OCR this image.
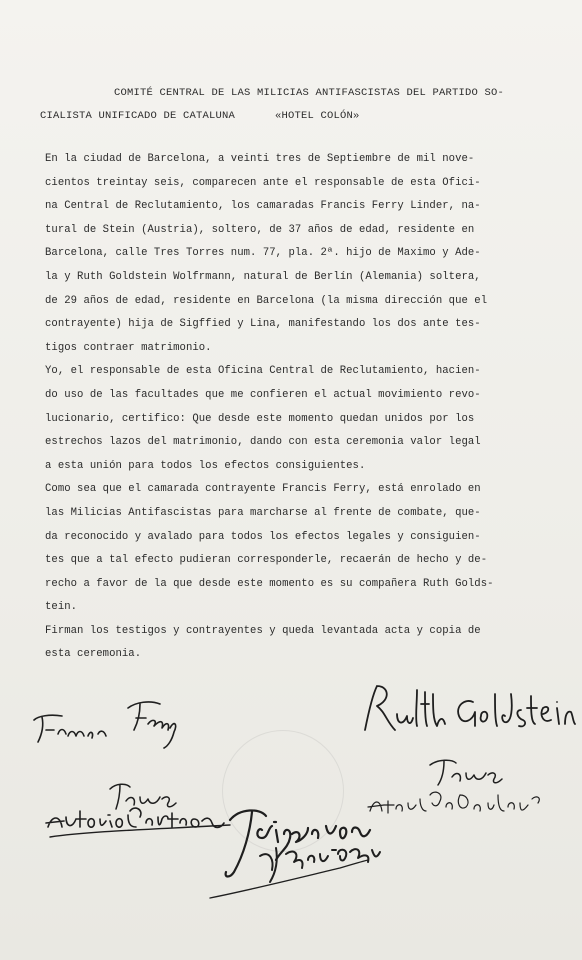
COMITÉ CENTRAL DE LAS MILICIAS ANTIFASCISTAS DEL PARTIDO SO-
CIALISTA UNIFICADO DE CATALUNA	«HOTEL COLÓN»
En la ciudad de Barcelona, a veinti tres de Septiembre de mil nove-
cientos treintay seis, comparecen ante el responsable de esta Ofici-
na Central de Reclutamiento, los camaradas Francis Ferry Linder, na-
tural de Stein (Austria), soltero, de 37 años de edad, residente en
Barcelona, calle Tres Torres num. 77, pla. 2ª. hijo de Maximo y Ade-
la y Ruth Goldstein Wolfrmann, natural de Berlín (Alemania) soltera,
de 29 años de edad, residente en Barcelona (la misma dirección que el
contrayente) hija de Sigffied y Lina, manifestando los dos ante tes-
tigos contraer matrimonio.
Yo, el responsable de esta Oficina Central de Reclutamiento, hacien-
do uso de las facultades que me confieren el actual movimiento revo-
lucionario, certifico: Que desde este momento quedan unidos por los
estrechos lazos del matrimonio, dando con esta ceremonia valor legal
a esta unión para todos los efectos consiguientes.
Como sea que el camarada contrayente Francis Ferry, está enrolado en
las Milicias Antifascistas para marcharse al frente de combate, que-
da reconocido y avalado para todos los efectos legales y consiguien-
tes que a tal efecto pudieran corresponderle, recaerán de hecho y de-
recho a favor de la que desde este momento es su compañera Ruth Golds-
tein.
Firman los testigos y contrayentes y queda levantada acta y copia de
esta ceremonia.
